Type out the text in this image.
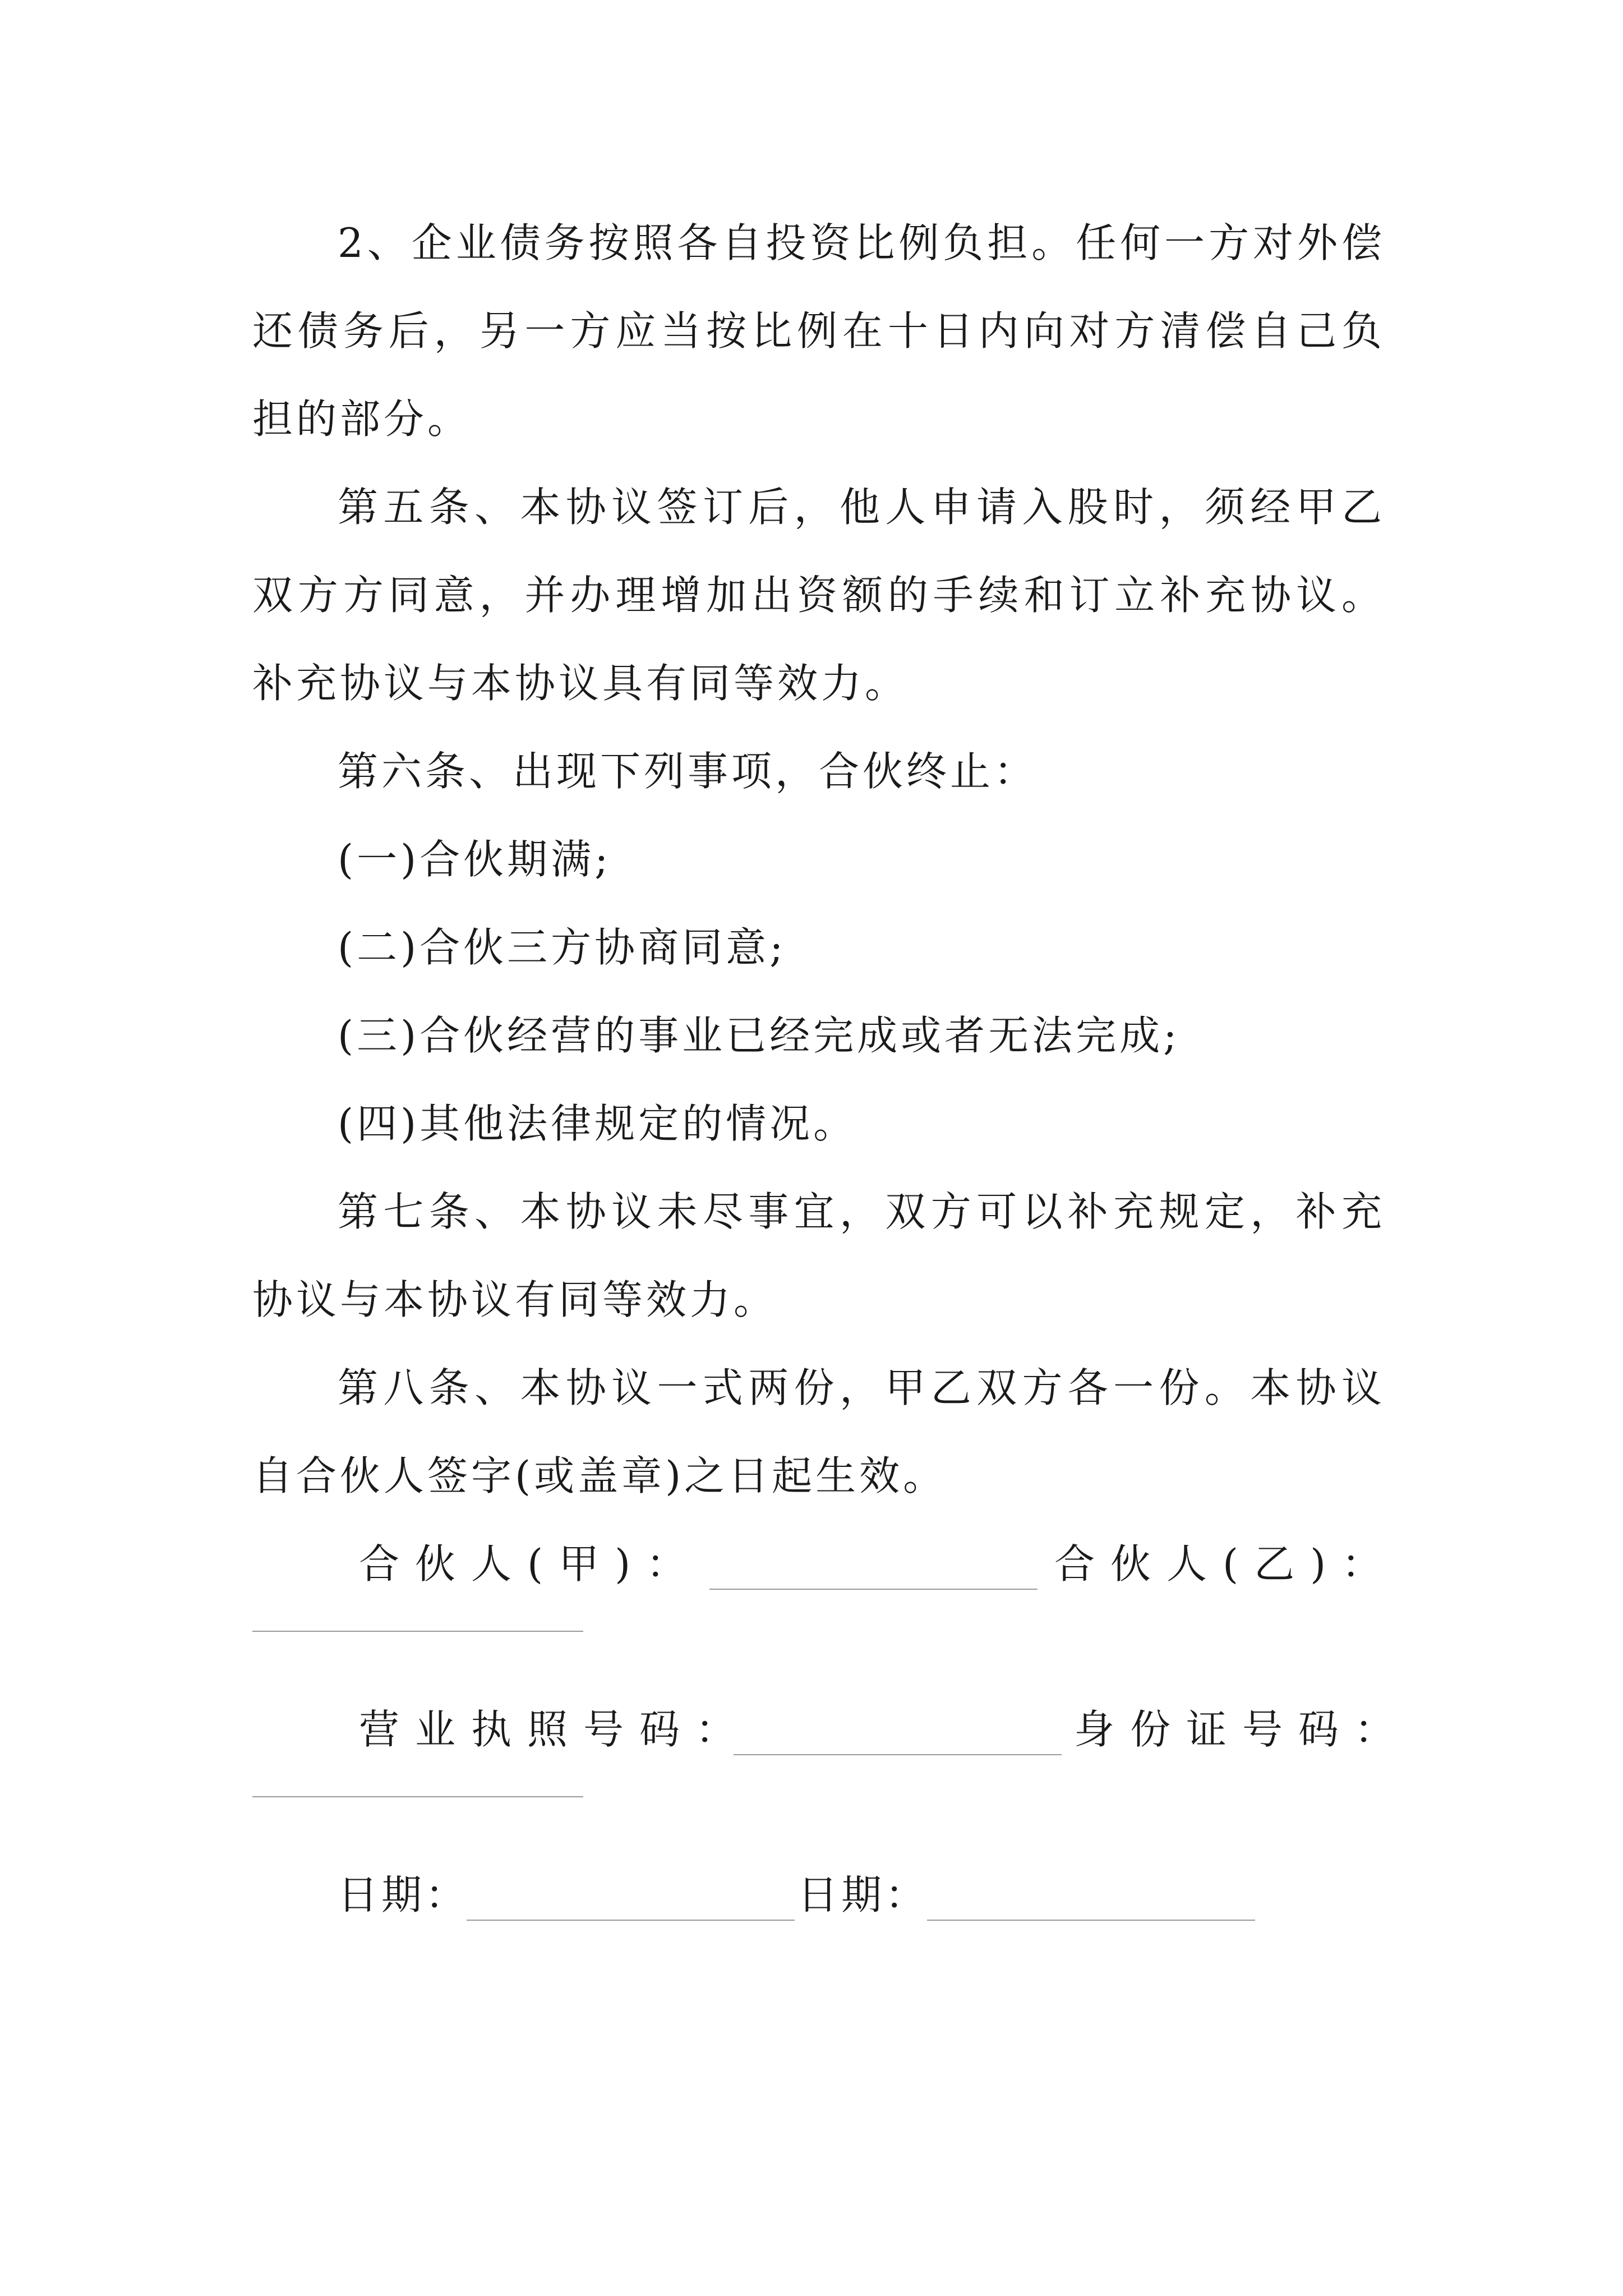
2、企业债务按照各自投资比例负担。任何一方对外偿还债务后，另一方应当按比例在十日内向对方清偿自己负担的部分。

第五条、本协议签订后，他人申请入股时，须经甲乙双方方同意，并办理增加出资额的手续和订立补充协议。补充协议与本协议具有同等效力。

第六条、出现下列事项，合伙终止：

(一)合伙期满;
(二)合伙三方协商同意;
(三)合伙经营的事业已经完成或者无法完成;
(四)其他法律规定的情况。

第七条、本协议未尽事宜，双方可以补充规定，补充协议与本协议有同等效力。

第八条、本协议一式两份，甲乙双方各一份。本协议自合伙人签字(或盖章)之日起生效。

合伙人(甲)：	合伙人(乙)：
营业执照号码：	身份证号码：
日期：	日期：
